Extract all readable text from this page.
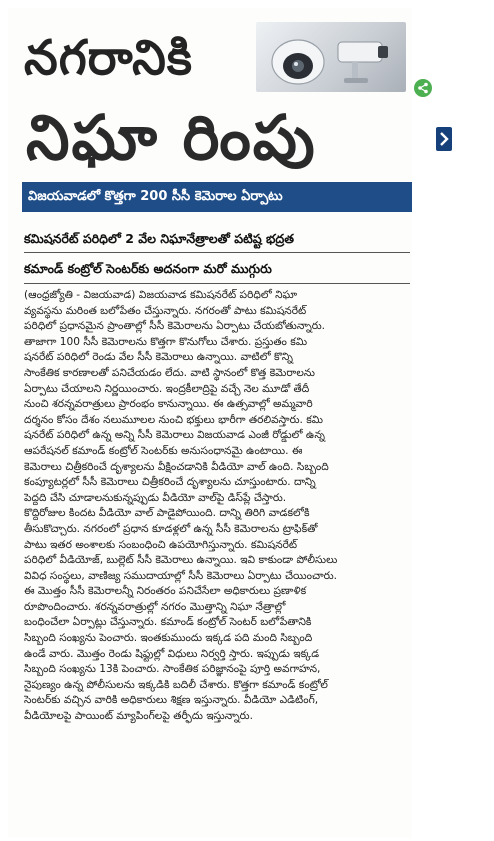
నగరానికి
నిఘా రింపు
విజయవాడలో కొత్తగా 200 సీసీ కెమెరాల ఏర్పాటు
కమిషనరేట్ పరిధిలో 2 వేల నిఘానేత్రాలతో పటిష్ట భద్రత
కమాండ్ కంట్రోల్ సెంటర్‌కు అదనంగా మరో ముగ్గురు
(ఆంధ్రజ్యోతి - విజయవాడ) విజయవాడ కమిషనరేట్ పరిధిలో నిఘా
వ్యవస్థను మరింత బలోపేతం చేస్తున్నారు. నగరంతో పాటు కమిషనరేట్
పరిధిలో ప్రధానమైన ప్రాంతాల్లో సీసీ కెమెరాలను ఏర్పాటు చేయబోతున్నారు.
తాజాగా 100 సీసీ కెమెరాలను కొత్తగా కొనుగోలు చేశారు. ప్రస్తుతం కమి
షనరేట్ పరిధిలో రెండు వేల సీసీ కెమెరాలు ఉన్నాయి. వాటిలో కొన్ని
సాంకేతిక కారణాలతో పనిచేయడం లేదు. వాటి స్థానంలో కొత్త కెమెరాలను
ఏర్పాటు చేయాలని నిర్ణయించారు. ఇంద్రకీలాద్రిపై వచ్చే నెల మూడో తేదీ
నుంచి శరన్నవరాత్రులు ప్రారంభం కానున్నాయి. ఈ ఉత్సవాల్లో అమ్మవారి
దర్శనం కోసం దేశం నలుమూలల నుంచి భక్తులు భారీగా తరలివస్తారు. కమి
షనరేట్ పరిధిలో ఉన్న అన్ని సీసీ కెమెరాలు విజయవాడ ఎంజీ రోడ్డులో ఉన్న
ఆపరేషనల్ కమాండ్ కంట్రోల్ సెంటర్‌కు అనుసంధానమై ఉంటాయి. ఈ
కెమెరాలు చిత్రీకరించే దృశ్యాలను వీక్షించడానికి వీడియో వాల్ ఉంది. సిబ్బంది
కంప్యూటర్లలో సీసీ కెమెరాలు చిత్రీకరించే దృశ్యాలను చూస్తుంటారు. దాన్ని
పెద్దది చేసి చూడాలనుకున్నప్పుడు వీడియో వాల్‌పై డిస్‌ప్లే చేస్తారు.
కొద్దిరోజుల కిందట వీడియో వాల్ పాడైపోయింది. దాన్ని తిరిగి వాడకలోకి
తీసుకొచ్చారు. నగరంలో ప్రధాన కూడళ్లలో ఉన్న సీసీ కెమెరాలను ట్రాఫిక్‌తో
పాటు ఇతర అంశాలకు సంబంధించి ఉపయోగిస్తున్నారు. కమిషనరేట్
పరిధిలో వీడియోజ్, బుల్లెట్ సీసీ కెమెరాలు ఉన్నాయి. ఇవి కాకుండా పోలీసులు
వివిధ సంస్థలు, వాణిజ్య సముదాయాల్లో సీసీ కెమెరాలు ఏర్పాటు చేయించారు.
ఈ మొత్తం సీసీ కెమెరాలన్నీ నిరంతరం పనిచేసేలా అధికారులు ప్రణాళిక
రూపొందించారు. శరన్నవరాత్రుల్లో నగరం మొత్తాన్ని నిఘా నేత్రాల్లో
బంధించేలా ఏర్పాట్లు చేస్తున్నారు. కమాండ్ కంట్రోల్ సెంటర్ బలోపేతానికి
సిబ్బంది సంఖ్యను పెంచారు. ఇంతకుముందు ఇక్కడ పది మంది సిబ్బంది
ఉండే వారు. మొత్తం రెండు షిఫ్టుల్లో విధులు నిర్వర్తి స్తారు. ఇప్పుడు ఇక్కడ
సిబ్బంది సంఖ్యను 13కి పెంచారు. సాంకేతిక పరిజ్ఞానంపై పూర్తి అవగాహన,
నైపుణ్యం ఉన్న పోలీసులను ఇక్కడికి బదిలీ చేశారు. కొత్తగా కమాండ్ కంట్రోల్
సెంటర్‌కు వచ్చిన వారికి అధికారులు శిక్షణ ఇస్తున్నారు. వీడియో ఎడిటింగ్,
వీడియోలపై పాయింట్ మ్యాపింగ్‌లపై తర్ఫీదు ఇస్తున్నారు.
